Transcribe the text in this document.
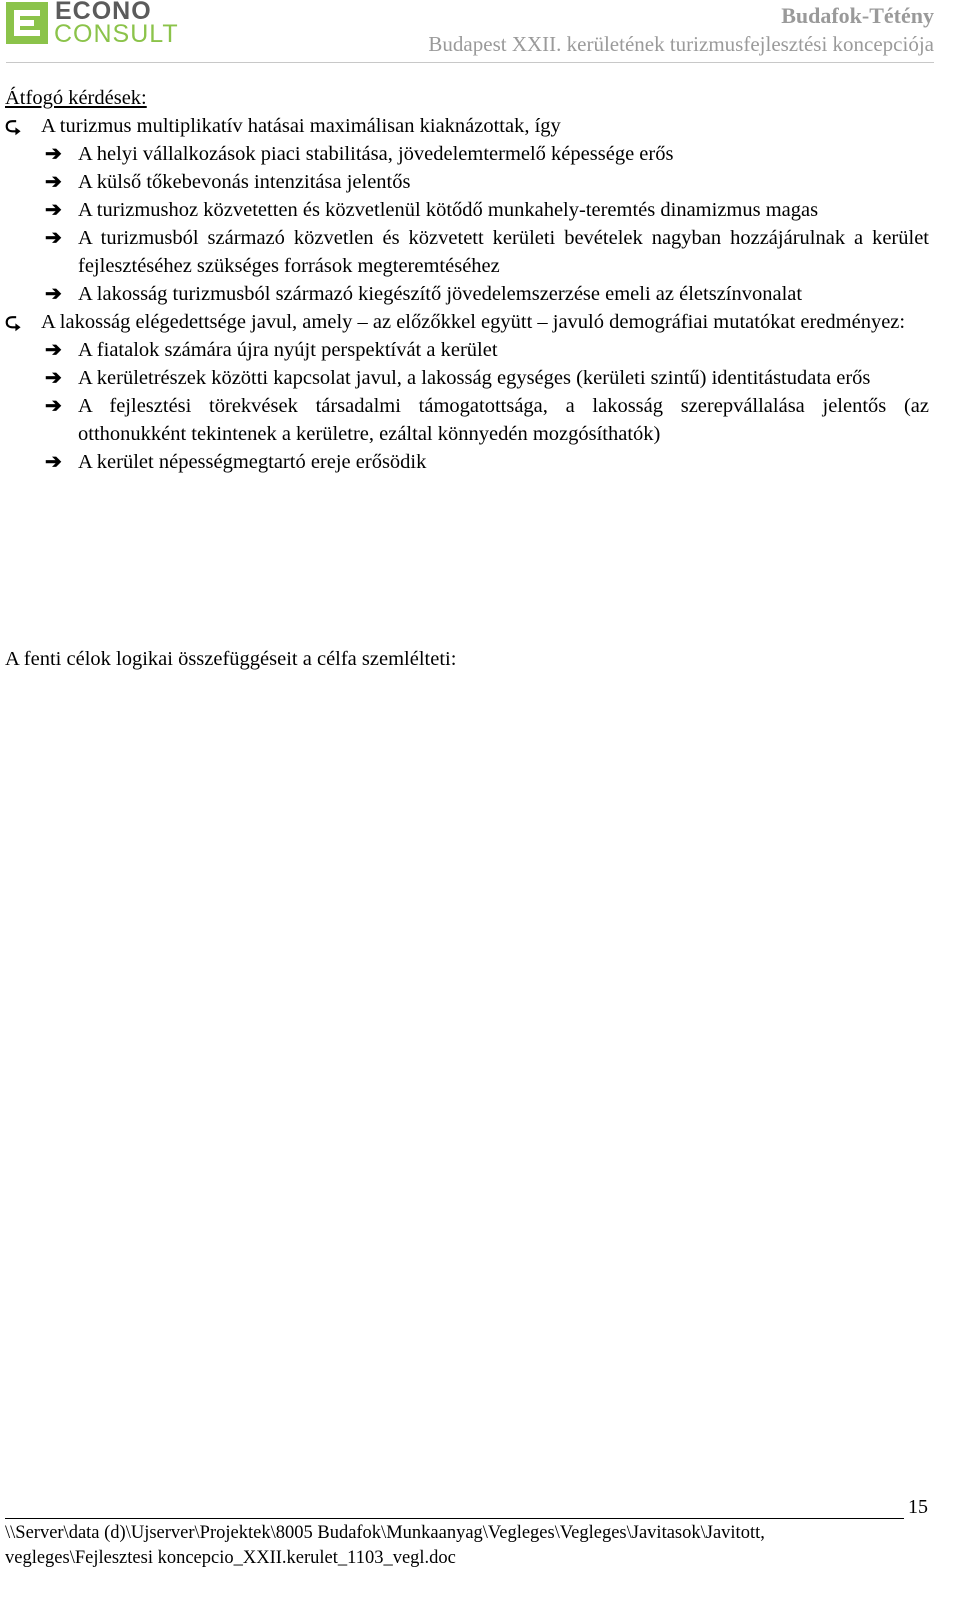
ECONO
CONSULT
Budafok-Tétény
Budapest XXII. kerületének turizmusfejlesztési koncepciója

Átfogó kérdések:

⮎ A turizmus multiplikatív hatásai maximálisan kiaknázottak, így
➔ A helyi vállalkozások piaci stabilitása, jövedelemtermelő képessége erős
➔ A külső tőkebevonás intenzitása jelentős
➔ A turizmushoz közvetetten és közvetlenül kötődő munkahely-teremtés dinamizmus magas
➔ A turizmusból származó közvetlen és közvetett kerületi bevételek nagyban hozzájárulnak a kerület fejlesztéséhez szükséges források megteremtéséhez
➔ A lakosság turizmusból származó kiegészítő jövedelemszerzése emeli az életszínvonalat
⮎ A lakosság elégedettsége javul, amely – az előzőkkel együtt – javuló demográfiai mutatókat eredményez:
➔ A fiatalok számára újra nyújt perspektívát a kerület
➔ A kerületrészek közötti kapcsolat javul, a lakosság egységes (kerületi szintű) identitástudata erős
➔ A fejlesztési törekvések társadalmi támogatottsága, a lakosság szerepvállalása jelentős (az otthonukként tekintenek a kerületre, ezáltal könnyedén mozgósíthatók)
➔ A kerület népességmegtartó ereje erősödik
A fenti célok logikai összefüggéseit a célfa szemlélteti:
15
\\Server\data (d)\Ujserver\Projektek\8005 Budafok\Munkaanyag\Vegleges\Vegleges\Javitasok\Javitott,
vegleges\Fejlesztesi koncepcio_XXII.kerulet_1103_vegl.doc
